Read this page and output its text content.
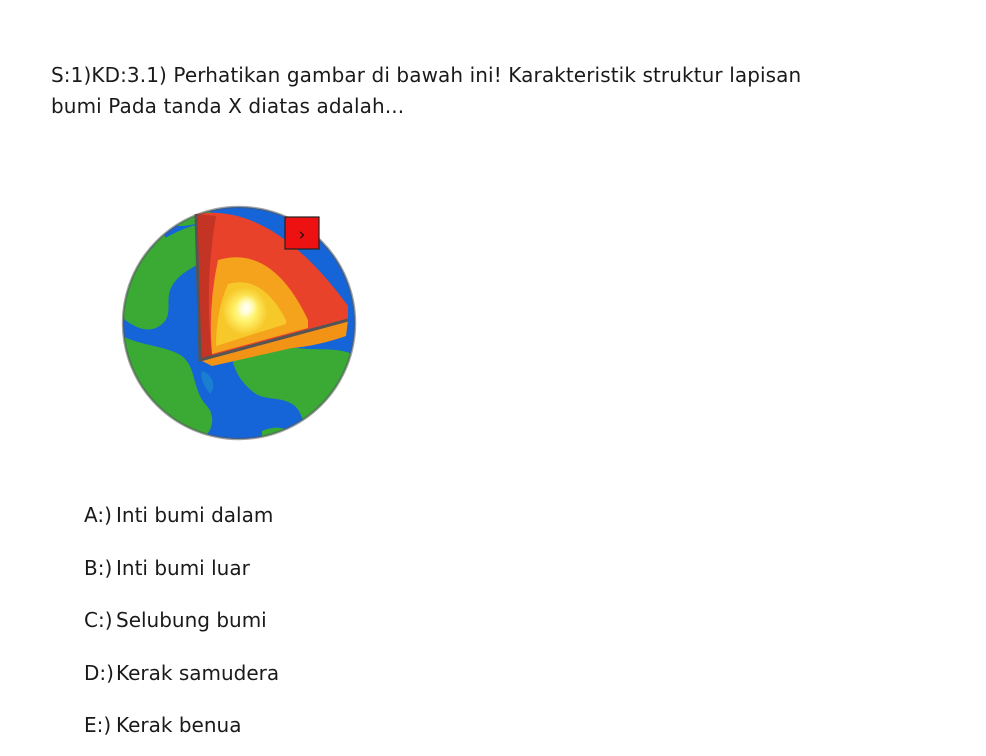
S:1)KD:3.1) Perhatikan gambar di bawah ini! Karakteristik struktur lapisan bumi Pada tanda X diatas adalah...
›
A:) Inti bumi dalam
B:) Inti bumi luar
C:) Selubung bumi
D:) Kerak samudera
E:) Kerak benua
